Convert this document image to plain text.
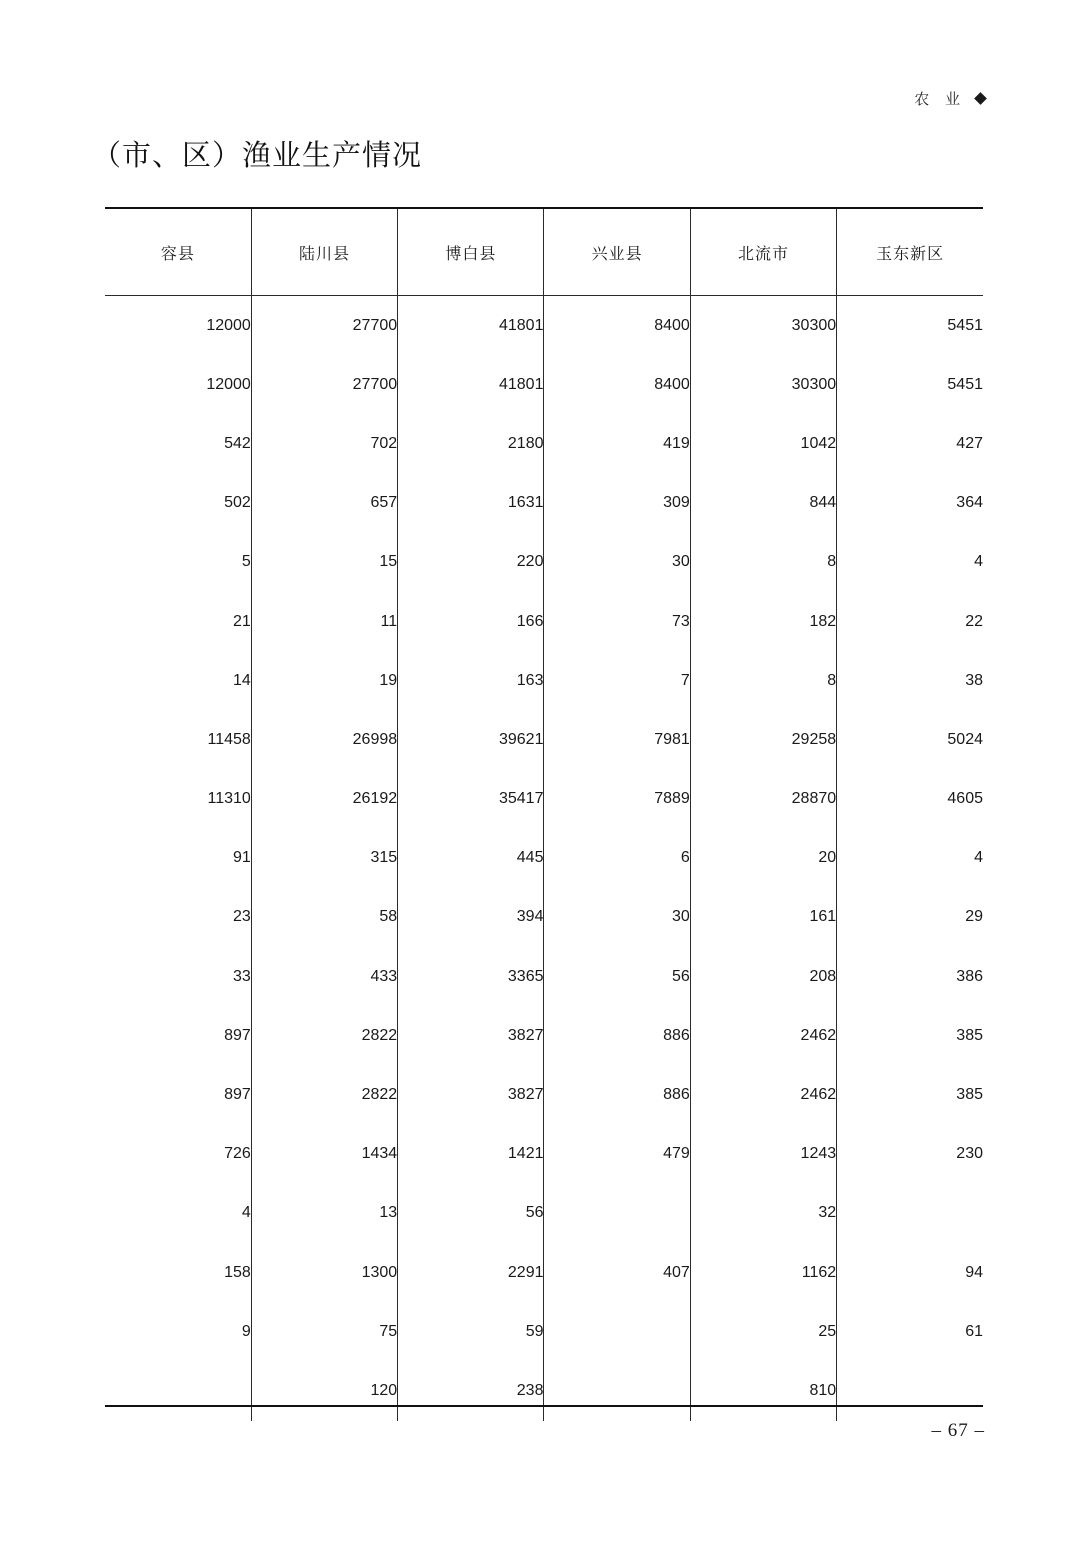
农 业
（市、区）渔业生产情况
容县	陆川县	博白县	兴业县	北流市	玉东新区
12000	27700	41801	8400	30300	5451
12000	27700	41801	8400	30300	5451
542	702	2180	419	1042	427
502	657	1631	309	844	364
5	15	220	30	8	4
21	11	166	73	182	22
14	19	163	7	8	38
11458	26998	39621	7981	29258	5024
11310	26192	35417	7889	28870	4605
91	315	445	6	20	4
23	58	394	30	161	29
33	433	3365	56	208	386
897	2822	3827	886	2462	385
897	2822	3827	886	2462	385
726	1434	1421	479	1243	230
4	13	56		32	
158	1300	2291	407	1162	94
9	75	59		25	61
	120	238		810	
– 67 –
